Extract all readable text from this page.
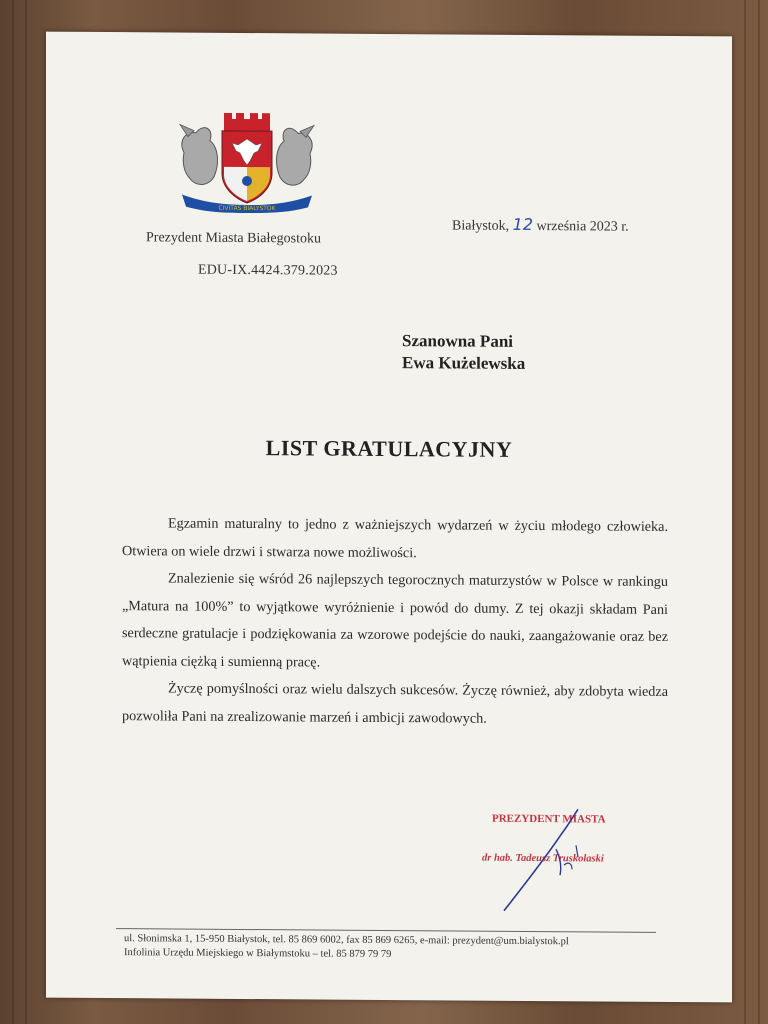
CIVITAS BIALYSTOK
Prezydent Miasta Białegostoku
EDU-IX.4424.379.2023
Białystok, 12 września 2023 r.
Szanowna Pani
Ewa Kużelewska
LIST GRATULACYJNY

Egzamin maturalny to jedno z ważniejszych wydarzeń w życiu młodego człowieka. Otwiera on wiele drzwi i stwarza nowe możliwości.

Znalezienie się wśród 26 najlepszych tegorocznych maturzystów w Polsce w rankingu „Matura na 100%” to wyjątkowe wyróżnienie i powód do dumy. Z tej okazji składam Pani serdeczne gratulacje i podziękowania za wzorowe podejście do nauki, zaangażowanie oraz bez wątpienia ciężką i sumienną pracę.

Życzę pomyślności oraz wielu dalszych sukcesów. Życzę również, aby zdobyta wiedza pozwoliła Pani na zrealizowanie marzeń i ambicji zawodowych.

PREZYDENT MIASTA
dr hab. Tadeusz Truskolaski
ul. Słonimska 1, 15-950 Białystok, tel. 85 869 6002, fax 85 869 6265, e-mail: prezydent@um.bialystok.pl
Infolinia Urzędu Miejskiego w Białymstoku – tel. 85 879 79 79
